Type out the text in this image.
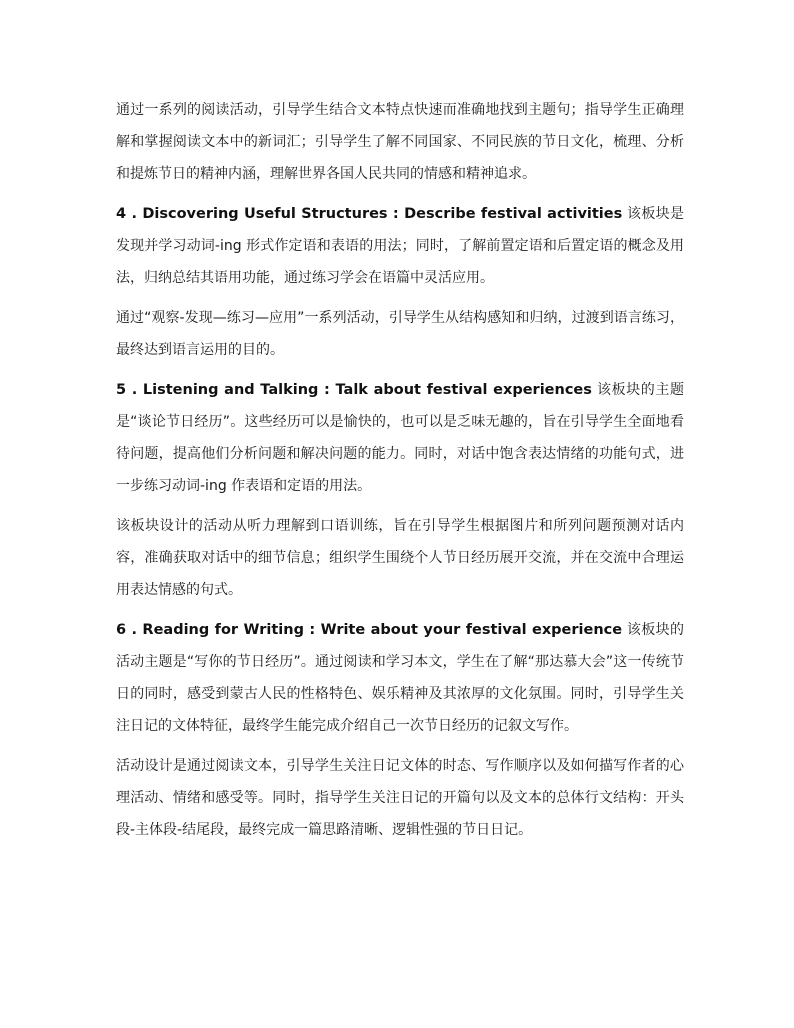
通过一系列的阅读活动，引导学生结合文本特点快速而准确地找到主题句；指导学生正确理解和掌握阅读文本中的新词汇；引导学生了解不同国家、不同民族的节日文化，梳理、分析和提炼节日的精神内涵，理解世界各国人民共同的情感和精神追求。

4 . Discovering Useful Structures : Describe festival activities 该板块是发现并学习动词-ing 形式作定语和表语的用法；同时，了解前置定语和后置定语的概念及用法，归纳总结其语用功能，通过练习学会在语篇中灵活应用。

通过“观察-发现—练习—应用”一系列活动，引导学生从结构感知和归纳，过渡到语言练习，最终达到语言运用的目的。

5 . Listening and Talking : Talk about festival experiences 该板块的主题是“谈论节日经历”。这些经历可以是愉快的，也可以是乏味无趣的，旨在引导学生全面地看待问题，提高他们分析问题和解决问题的能力。同时，对话中饱含表达情绪的功能句式，进一步练习动词-ing 作表语和定语的用法。

该板块设计的活动从听力理解到口语训练，旨在引导学生根据图片和所列问题预测对话内容，准确获取对话中的细节信息；组织学生围绕个人节日经历展开交流，并在交流中合理运用表达情感的句式。

6 . Reading for Writing : Write about your festival experience 该板块的活动主题是“写你的节日经历”。通过阅读和学习本文，学生在了解“那达慕大会”这一传统节日的同时，感受到蒙古人民的性格特色、娱乐精神及其浓厚的文化氛围。同时，引导学生关注日记的文体特征，最终学生能完成介绍自己一次节日经历的记叙文写作。

活动设计是通过阅读文本，引导学生关注日记文体的时态、写作顺序以及如何描写作者的心理活动、情绪和感受等。同时，指导学生关注日记的开篇句以及文本的总体行文结构：开头段-主体段-结尾段，最终完成一篇思路清晰、逻辑性强的节日日记。
